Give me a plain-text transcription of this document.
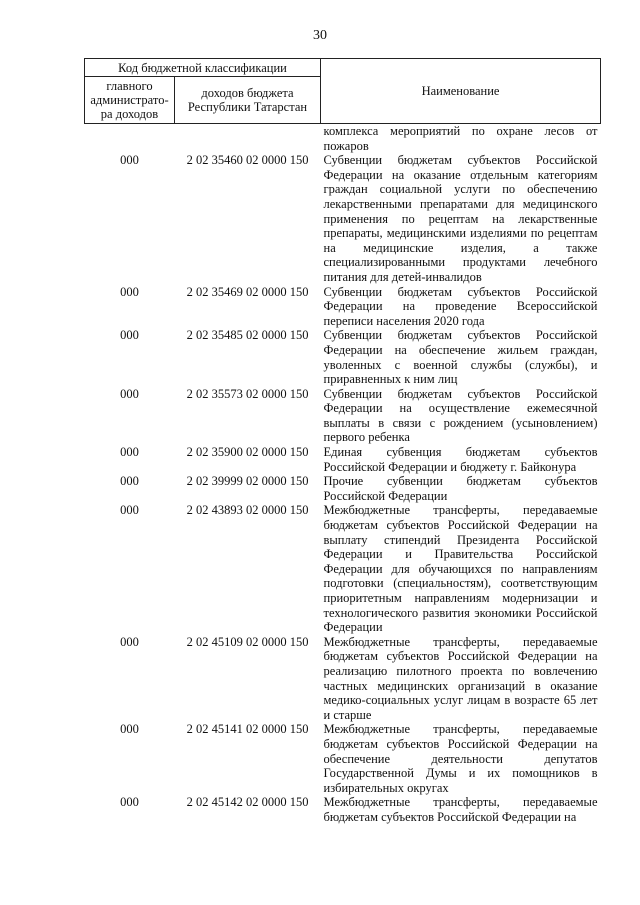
30
Код бюджетной классификации		Наименование
главного администрато-ра доходов	доходов бюджета Республики Татарстан	
		комплекса мероприятий по охране лесов от пожаров
000	2 02 35460 02 0000 150	Субвенции бюджетам субъектов Российской Федерации на оказание отдельным категориям граждан социальной услуги по обеспечению лекарственными препаратами для медицинского применения по рецептам на лекарственные препараты, медицинскими изделиями по рецептам на медицинские изделия, а также специализированными продуктами лечебного питания для детей-инвалидов
000	2 02 35469 02 0000 150	Субвенции бюджетам субъектов Российской Федерации на проведение Всероссийской переписи населения 2020 года
000	2 02 35485 02 0000 150	Субвенции бюджетам субъектов Российской Федерации на обеспечение жильем граждан, уволенных с военной службы (службы), и приравненных к ним лиц
000	2 02 35573 02 0000 150	Субвенции бюджетам субъектов Российской Федерации на осуществление ежемесячной выплаты в связи с рождением (усыновлением) первого ребенка
000	2 02 35900 02 0000 150	Единая субвенция бюджетам субъектов Российской Федерации и бюджету г. Байконура
000	2 02 39999 02 0000 150	Прочие субвенции бюджетам субъектов Российской Федерации
000	2 02 43893 02 0000 150	Межбюджетные трансферты, передаваемые бюджетам субъектов Российской Федерации на выплату стипендий Президента Российской Федерации и Правительства Российской Федерации для обучающихся по направлениям подготовки (специальностям), соответствующим приоритетным направлениям модернизации и технологического развития экономики Российской Федерации
000	2 02 45109 02 0000 150	Межбюджетные трансферты, передаваемые бюджетам субъектов Российской Федерации на реализацию пилотного проекта по вовлечению частных медицинских организаций в оказание медико-социальных услуг лицам в возрасте 65 лет и старше
000	2 02 45141 02 0000 150	Межбюджетные трансферты, передаваемые бюджетам субъектов Российской Федерации на обеспечение деятельности депутатов Государственной Думы и их помощников в избирательных округах
000	2 02 45142 02 0000 150	Межбюджетные трансферты, передаваемые бюджетам субъектов Российской Федерации на
